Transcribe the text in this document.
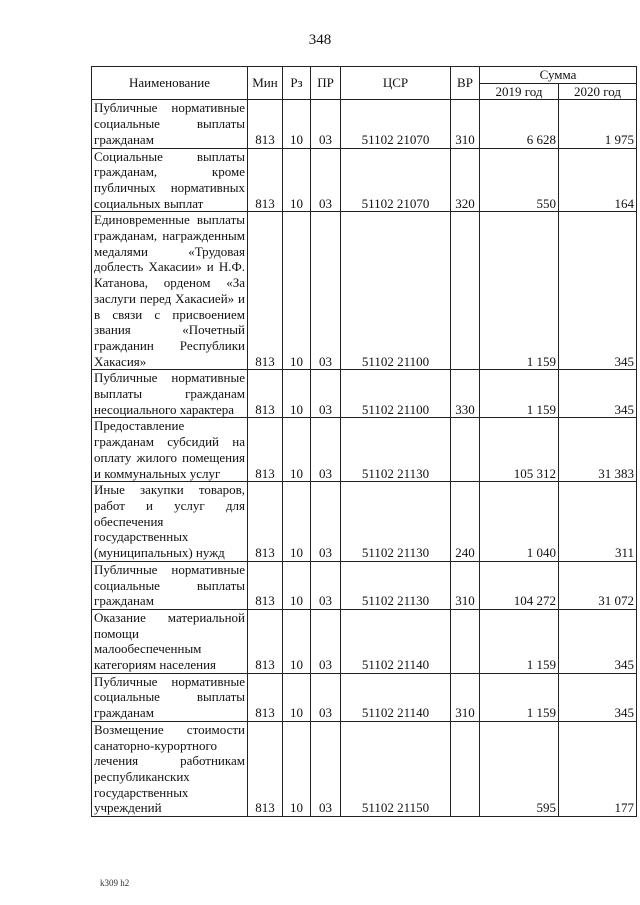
348
Наименование	Мин	Рз	ПР	ЦСР	ВР	Сумма	
						2019 год	2020 год
Публичные нормативные социальные выплаты гражданам	813	10	03	51102 21070	310	6 628	1 975
Социальные выплаты гражданам, кроме публичных нормативных социальных выплат	813	10	03	51102 21070	320	550	164
Единовременные выплаты гражданам, награжденным медалями «Трудовая доблесть Хакасии» и Н.Ф. Катанова, орденом «За заслуги перед Хакасией» и в связи с присвоением звания «Почетный гражданин Республики Хакасия»	813	10	03	51102 21100		1 159	345
Публичные нормативные выплаты гражданам несоциального характера	813	10	03	51102 21100	330	1 159	345
Предоставление гражданам субсидий на оплату жилого помещения и коммунальных услуг	813	10	03	51102 21130		105 312	31 383
Иные закупки товаров, работ и услуг для обеспечения государственных (муниципальных) нужд	813	10	03	51102 21130	240	1 040	311
Публичные нормативные социальные выплаты гражданам	813	10	03	51102 21130	310	104 272	31 072
Оказание материальной помощи малообеспеченным категориям населения	813	10	03	51102 21140		1 159	345
Публичные нормативные социальные выплаты гражданам	813	10	03	51102 21140	310	1 159	345
Возмещение стоимости санаторно-курортного лечения работникам республиканских государственных учреждений	813	10	03	51102 21150		595	177
k309 h2
